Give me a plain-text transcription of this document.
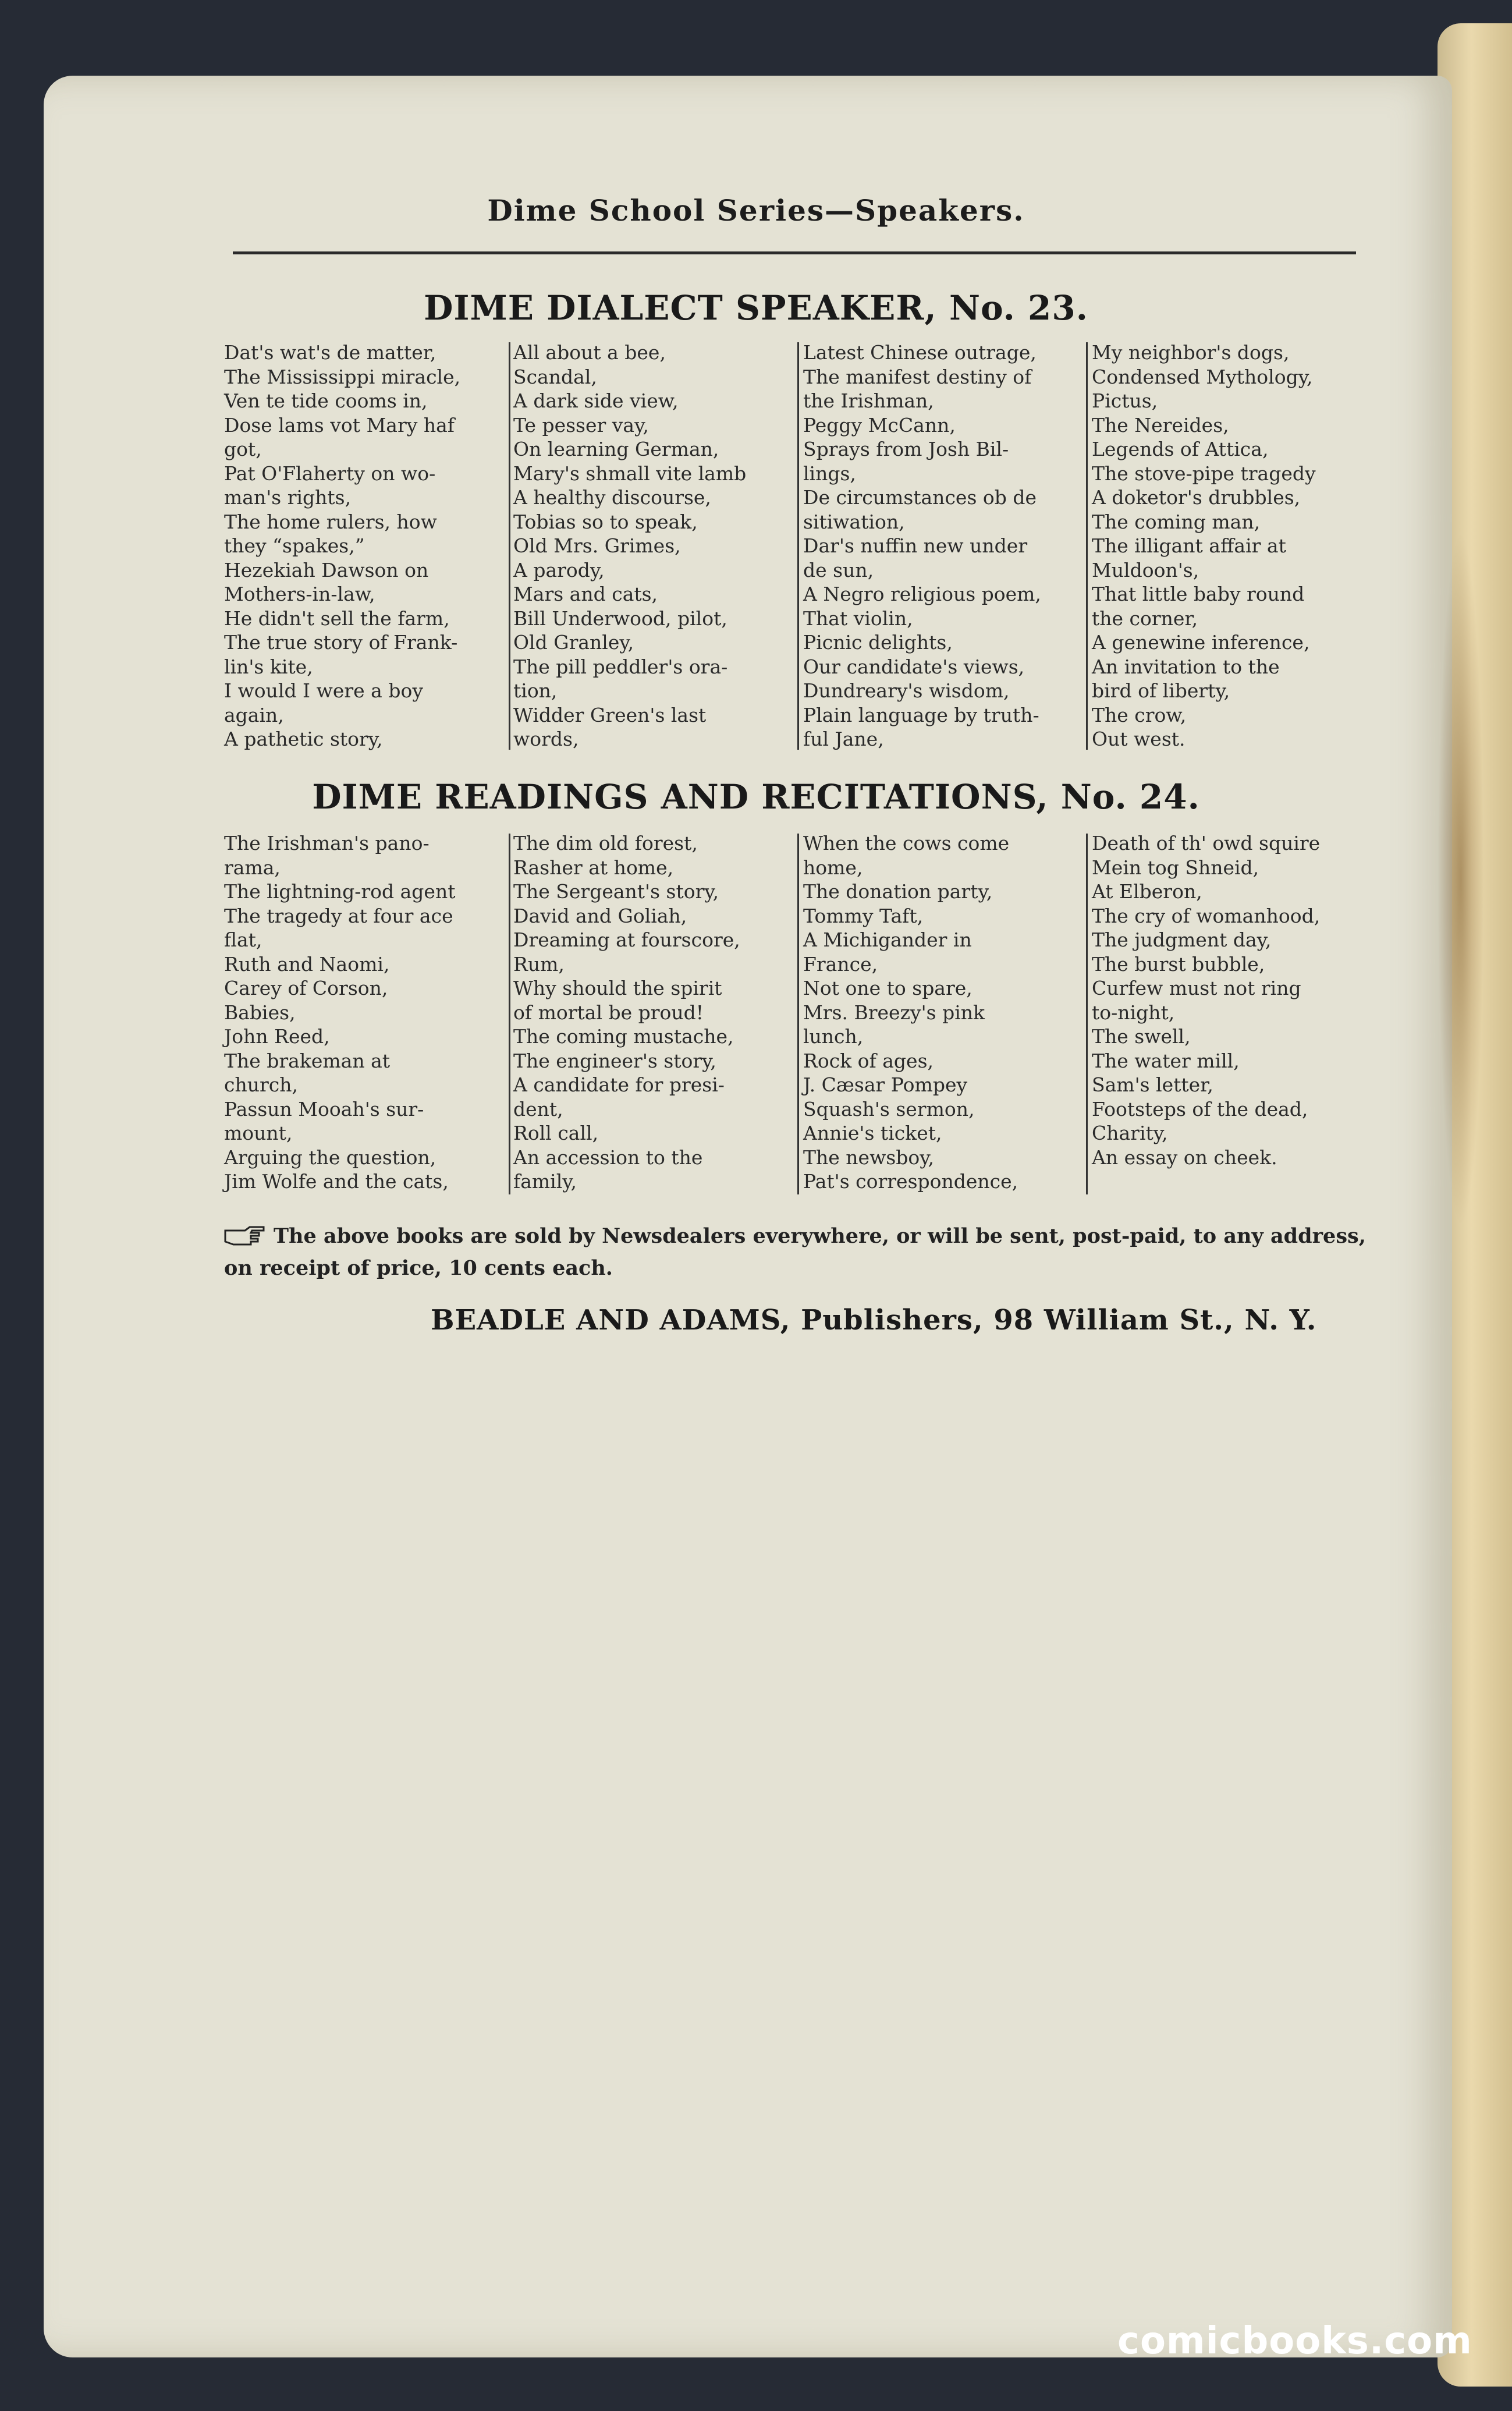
Dime School Series—Speakers.
DIME DIALECT SPEAKER, No. 23.
Dat's wat's de matter,
The Mississippi miracle,
Ven te tide cooms in,
Dose lams vot Mary haf
got,
Pat O'Flaherty on wo-
man's rights,
The home rulers, how
they “spakes,”
Hezekiah Dawson on
Mothers-in-law,
He didn't sell the farm,
The true story of Frank-
lin's kite,
I would I were a boy
again,
A pathetic story,
All about a bee,
Scandal,
A dark side view,
Te pesser vay,
On learning German,
Mary's shmall vite lamb
A healthy discourse,
Tobias so to speak,
Old Mrs. Grimes,
A parody,
Mars and cats,
Bill Underwood, pilot,
Old Granley,
The pill peddler's ora-
tion,
Widder Green's last
words,
Latest Chinese outrage,
The manifest destiny of
the Irishman,
Peggy McCann,
Sprays from Josh Bil-
lings,
De circumstances ob de
sitiwation,
Dar's nuffin new under
de sun,
A Negro religious poem,
That violin,
Picnic delights,
Our candidate's views,
Dundreary's wisdom,
Plain language by truth-
ful Jane,
My neighbor's dogs,
Condensed Mythology,
Pictus,
The Nereides,
Legends of Attica,
The stove-pipe tragedy
A doketor's drubbles,
The coming man,
The illigant affair at
Muldoon's,
That little baby round
the corner,
A genewine inference,
An invitation to the
bird of liberty,
The crow,
Out west.
DIME READINGS AND RECITATIONS, No. 24.
The Irishman's pano-
rama,
The lightning-rod agent
The tragedy at four ace
flat,
Ruth and Naomi,
Carey of Corson,
Babies,
John Reed,
The brakeman at
church,
Passun Mooah's sur-
mount,
Arguing the question,
Jim Wolfe and the cats,
The dim old forest,
Rasher at home,
The Sergeant's story,
David and Goliah,
Dreaming at fourscore,
Rum,
Why should the spirit
of mortal be proud!
The coming mustache,
The engineer's story,
A candidate for presi-
dent,
Roll call,
An accession to the
family,
When the cows come
home,
The donation party,
Tommy Taft,
A Michigander in
France,
Not one to spare,
Mrs. Breezy's pink
lunch,
Rock of ages,
J. Cæsar Pompey
Squash's sermon,
Annie's ticket,
The newsboy,
Pat's correspondence,
Death of th' owd squire
Mein tog Shneid,
At Elberon,
The cry of womanhood,
The judgment day,
The burst bubble,
Curfew must not ring
to-night,
The swell,
The water mill,
Sam's letter,
Footsteps of the dead,
Charity,
An essay on cheek.
The above books are sold by Newsdealers everywhere, or will be sent, post-paid, to any address, on receipt of price, 10 cents each.
BEADLE AND ADAMS, Publishers, 98 William St., N. Y.
comicbooks.com
